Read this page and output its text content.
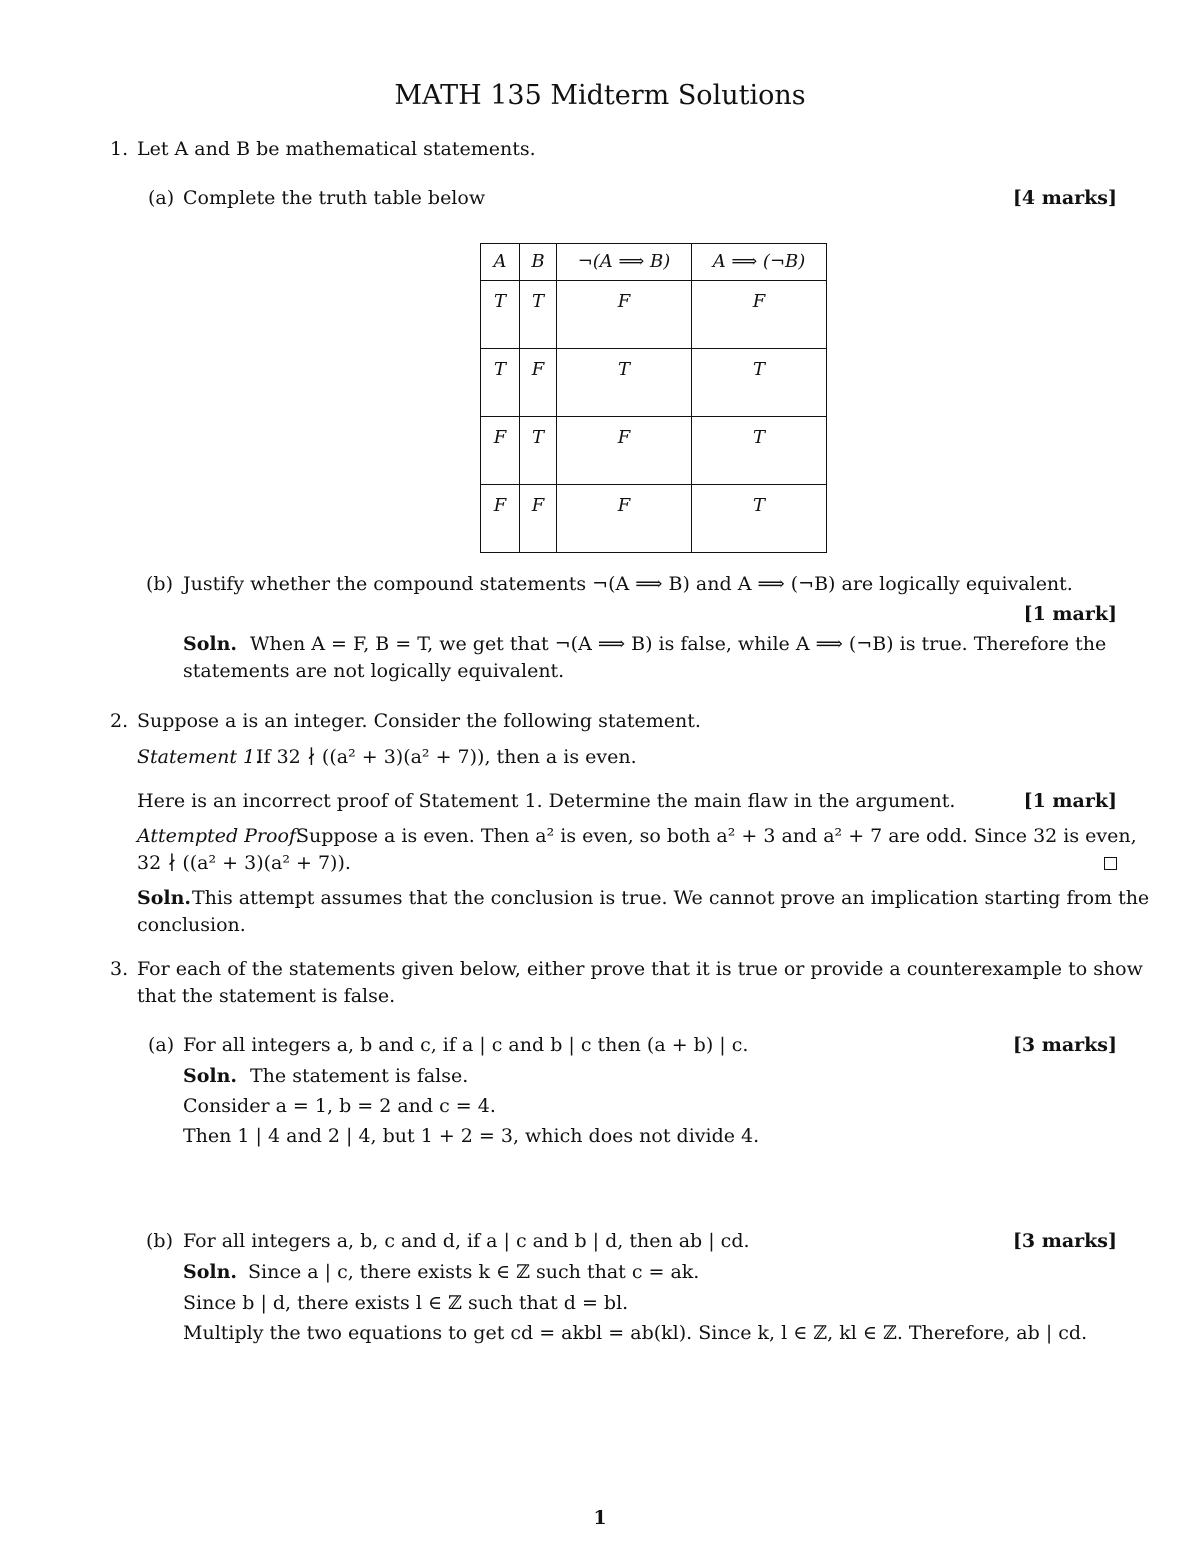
MATH 135 Midterm Solutions
1. Let A and B be mathematical statements.
(a) Complete the truth table below	[4 marks]
A	B	¬(A ⟹ B)	A ⟹ (¬B)
T	T	F	F
T	F	T	T
F	T	F	T
F	F	F	T
(b) Justify whether the compound statements ¬(A ⟹ B) and A ⟹ (¬B) are logically equivalent.
[1 mark]
Soln. When A = F, B = T, we get that ¬(A ⟹ B) is false, while A ⟹ (¬B) is true. Therefore the
statements are not logically equivalent.
2. Suppose a is an integer. Consider the following statement.
Statement 1.
If 32 ∤ ((a² + 3)(a² + 7)), then a is even.
Here is an incorrect proof of Statement 1. Determine the main flaw in the argument.	[1 mark]
Attempted Proof.
Suppose a is even. Then a² is even, so both a² + 3 and a² + 7 are odd. Since 32 is even,
32 ∤ ((a² + 3)(a² + 7)).
Soln. This attempt assumes that the conclusion is true. We cannot prove an implication starting from the
conclusion.
3. For each of the statements given below, either prove that it is true or provide a counterexample to show
that the statement is false.
(a) For all integers a, b and c, if a | c and b | c then (a + b) | c.	[3 marks]
Soln. The statement is false.
Consider a = 1, b = 2 and c = 4.
Then 1 | 4 and 2 | 4, but 1 + 2 = 3, which does not divide 4.
(b) For all integers a, b, c and d, if a | c and b | d, then ab | cd.	[3 marks]
Soln. Since a | c, there exists k ∈ ℤ such that c = ak.
Since b | d, there exists l ∈ ℤ such that d = bl.
Multiply the two equations to get cd = akbl = ab(kl). Since k, l ∈ ℤ, kl ∈ ℤ. Therefore, ab | cd.
1
